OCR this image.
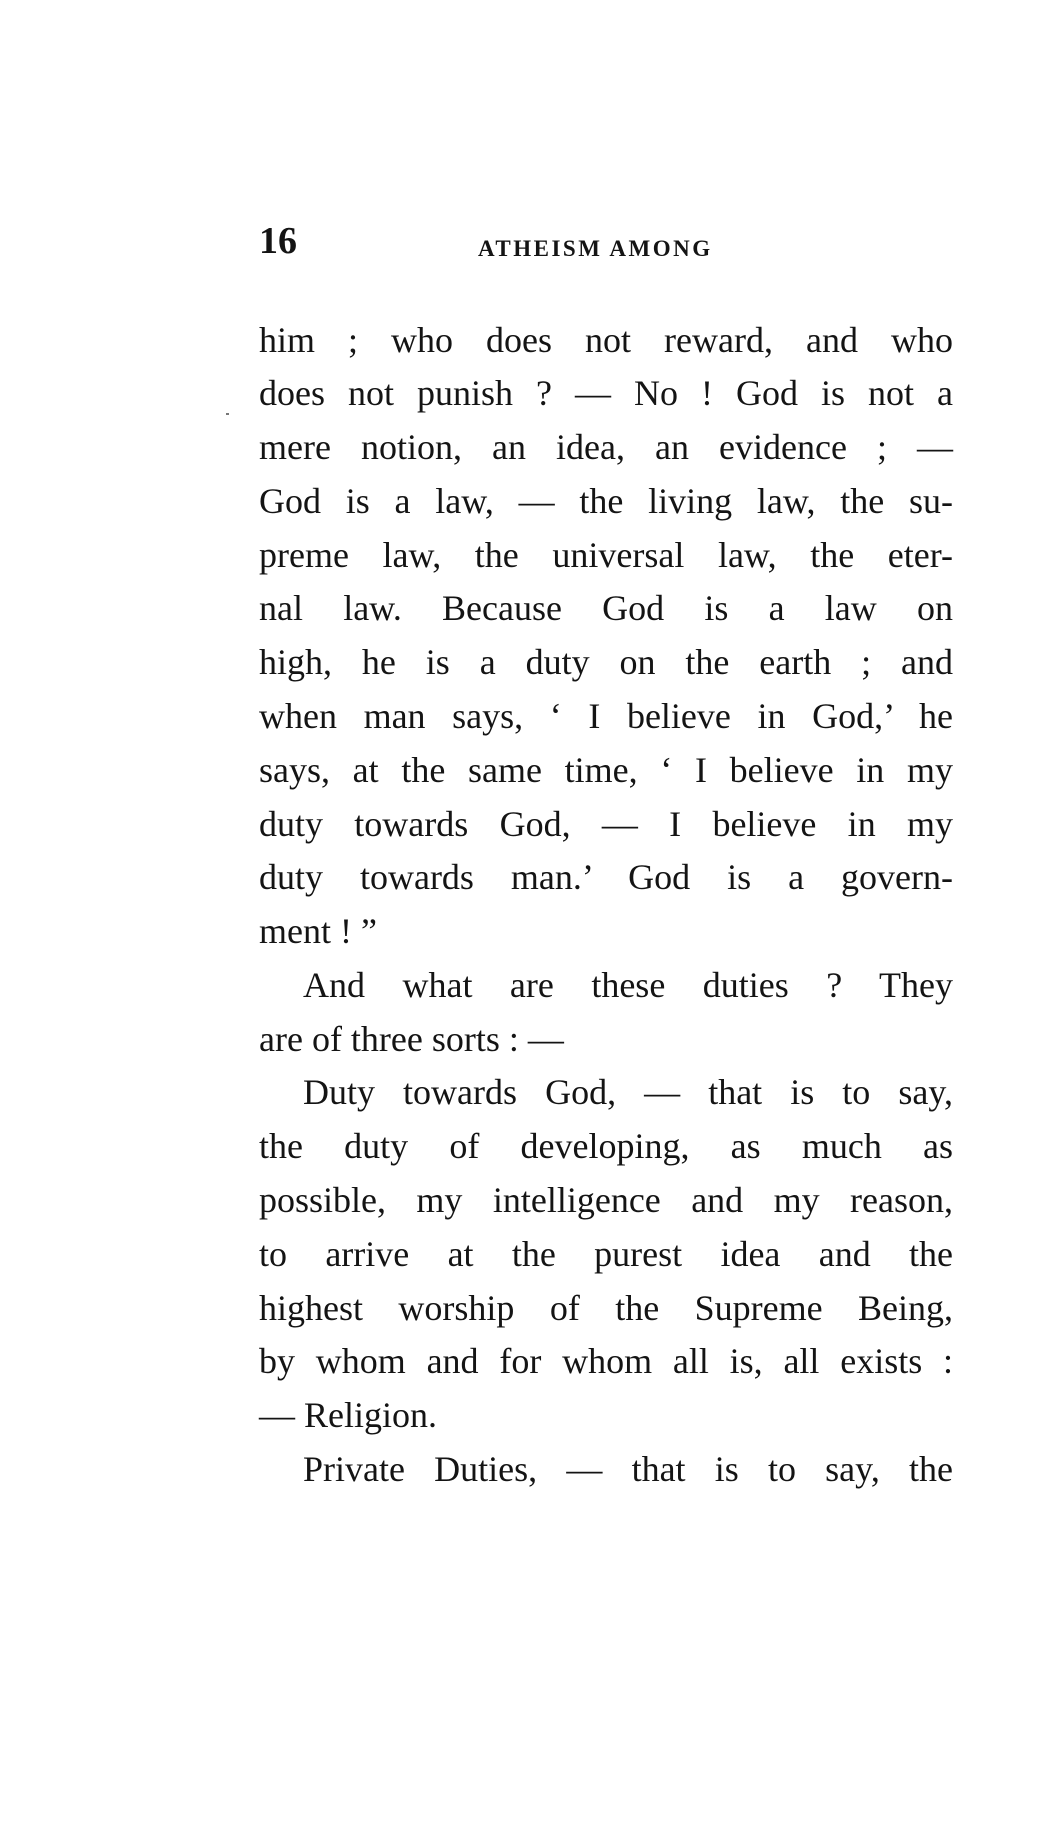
16	ATHEISM AMONG
him ; who does not reward, and who
does not punish ? — No ! God is not a
mere notion, an idea, an evidence ; —
God is a law, — the living law, the su-
preme law, the universal law, the eter-
nal law. Because God is a law on
high, he is a duty on the earth ; and
when man says, ‘ I believe in God,’ he
says, at the same time, ‘ I believe in my
duty towards God, — I believe in my
duty towards man.’ God is a govern-
ment ! ”
And what are these duties ? They
are of three sorts : —
Duty towards God, — that is to say,
the duty of developing, as much as
possible, my intelligence and my reason,
to arrive at the purest idea and the
highest worship of the Supreme Being,
by whom and for whom all is, all exists :
— Religion.
Private Duties, — that is to say, the
